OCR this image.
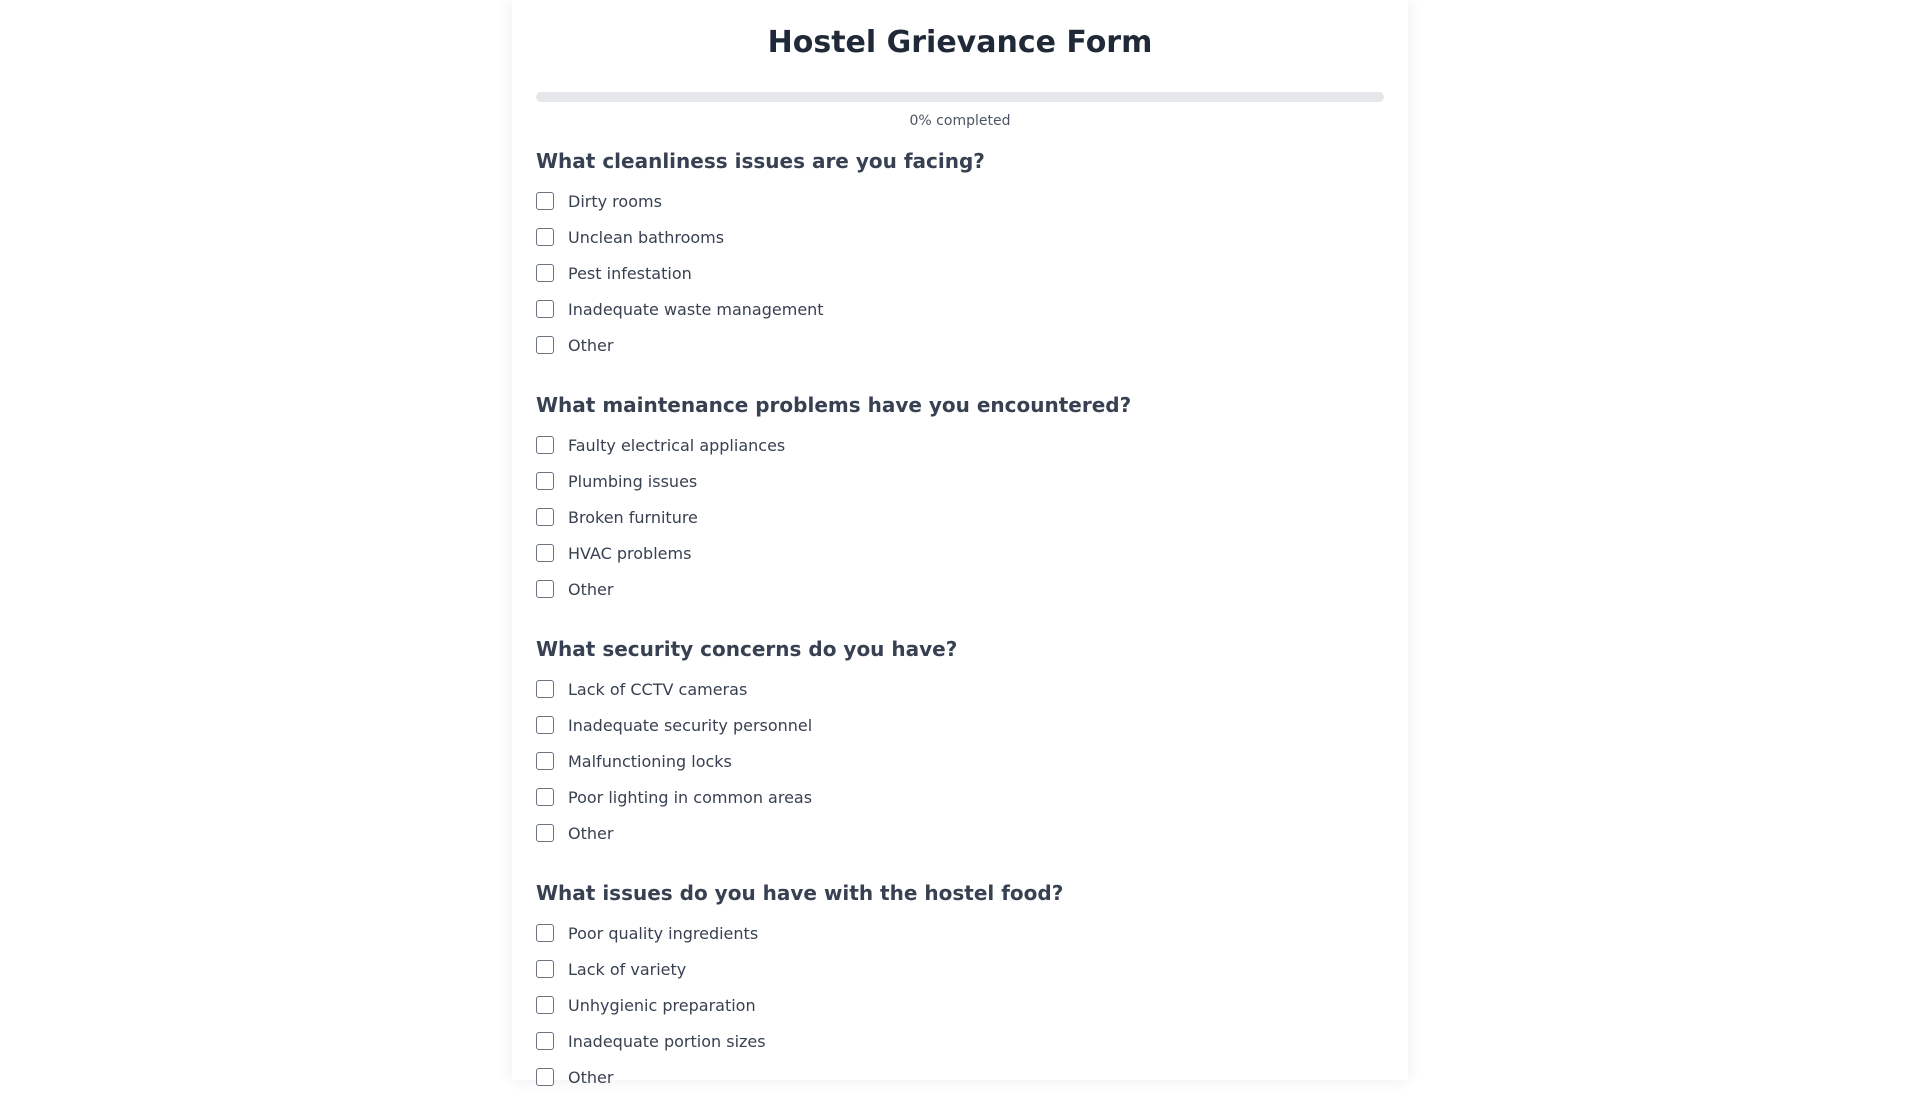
Hostel Grievance Form
0% completed
What cleanliness issues are you facing?
Dirty rooms
Unclean bathrooms
Pest infestation
Inadequate waste management
Other
What maintenance problems have you encountered?
Faulty electrical appliances
Plumbing issues
Broken furniture
HVAC problems
Other
What security concerns do you have?
Lack of CCTV cameras
Inadequate security personnel
Malfunctioning locks
Poor lighting in common areas
Other
What issues do you have with the hostel food?
Poor quality ingredients
Lack of variety
Unhygienic preparation
Inadequate portion sizes
Other
